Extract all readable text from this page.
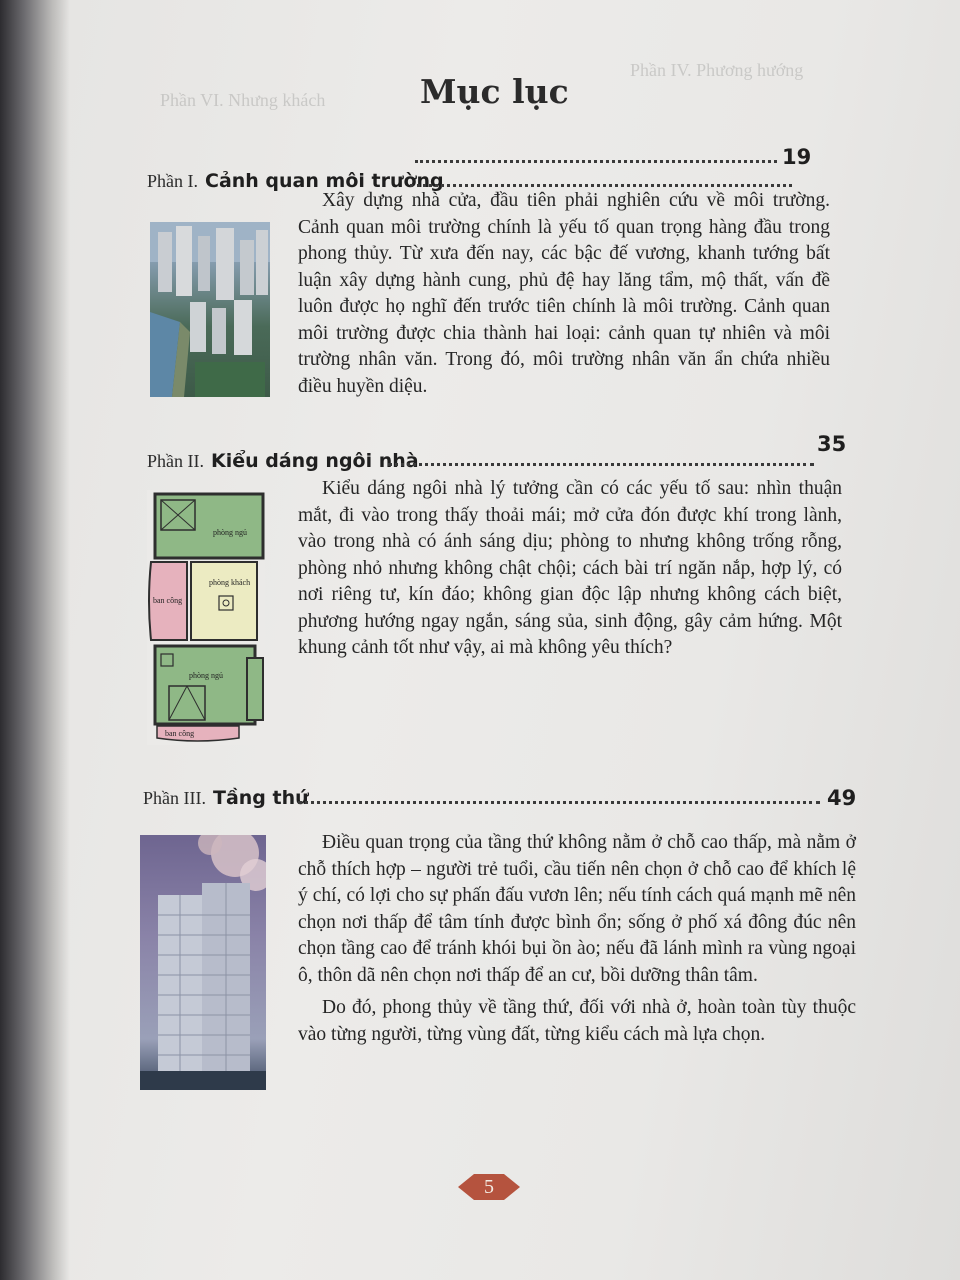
Phần IV. Phương hướng
Phần VI. Nhưng khách	Mục lục
19
Phần I. Cảnh quan môi trường

Xây dựng nhà cửa, đầu tiên phải nghiên cứu về môi trường. Cảnh quan môi trường chính là yếu tố quan trọng hàng đầu trong phong thủy. Từ xưa đến nay, các bậc đế vương, khanh tướng bất luận xây dựng hành cung, phủ đệ hay lăng tẩm, mộ thất, vấn đề luôn được họ nghĩ đến trước tiên chính là môi trường. Cảnh quan môi trường được chia thành hai loại: cảnh quan tự nhiên và môi trường nhân văn. Trong đó, môi trường nhân văn ẩn chứa nhiều điều huyền diệu.

Phần II. Kiểu dáng ngôi nhà
35
phòng ngủ
ban công
phòng khách
phòng ngủ
ban công

Kiểu dáng ngôi nhà lý tưởng cần có các yếu tố sau: nhìn thuận mắt, đi vào trong thấy thoải mái; mở cửa đón được khí trong lành, vào trong nhà có ánh sáng dịu; phòng to nhưng không trống rỗng, phòng nhỏ nhưng không chật chội; cách bài trí ngăn nắp, hợp lý, có nơi riêng tư, kín đáo; không gian độc lập nhưng không cách biệt, phương hướng ngay ngắn, sáng sủa, sinh động, gây cảm hứng. Một khung cảnh tốt như vậy, ai mà không yêu thích?

Phần III. Tầng thứ	49

Điều quan trọng của tầng thứ không nằm ở chỗ cao thấp, mà nằm ở chỗ thích hợp – người trẻ tuổi, cầu tiến nên chọn ở chỗ cao để khích lệ ý chí, có lợi cho sự phấn đấu vươn lên; nếu tính cách quá mạnh mẽ nên chọn nơi thấp để tâm tính được bình ổn; sống ở phố xá đông đúc nên chọn tầng cao để tránh khói bụi ồn ào; nếu đã lánh mình ra vùng ngoại ô, thôn dã nên chọn nơi thấp để an cư, bồi dưỡng thân tâm.

Do đó, phong thủy về tầng thứ, đối với nhà ở, hoàn toàn tùy thuộc vào từng người, từng vùng đất, từng kiểu cách mà lựa chọn.

5
